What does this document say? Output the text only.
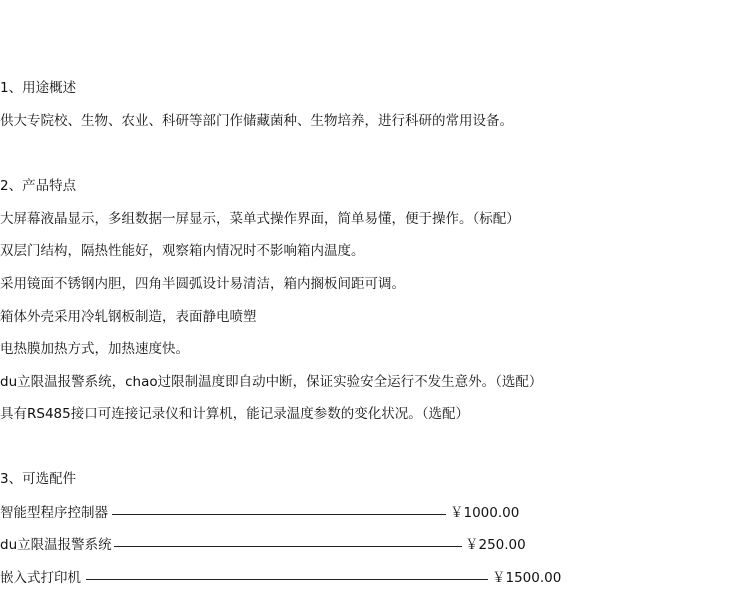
1、用途概述
供大专院校、生物、农业、科研等部门作储藏菌种、生物培养，进行科研的常用设备。
2、产品特点
大屏幕液晶显示，多组数据一屏显示，菜单式操作界面，简单易懂，便于操作。（标配）
双层门结构，隔热性能好，观察箱内情况时不影响箱内温度。
采用镜面不锈钢内胆，四角半圆弧设计易清洁，箱内搁板间距可调。
箱体外壳采用冷轧钢板制造，表面静电喷塑
电热膜加热方式，加热速度快。
du立限温报警系统，chao过限制温度即自动中断，保证实验安全运行不发生意外。（选配）
具有RS485接口可连接记录仪和计算机，能记录温度参数的变化状况。（选配）
3、可选配件
智能型程序控制器	￥1000.00
du立限温报警系统	￥250.00
嵌入式打印机	￥1500.00
